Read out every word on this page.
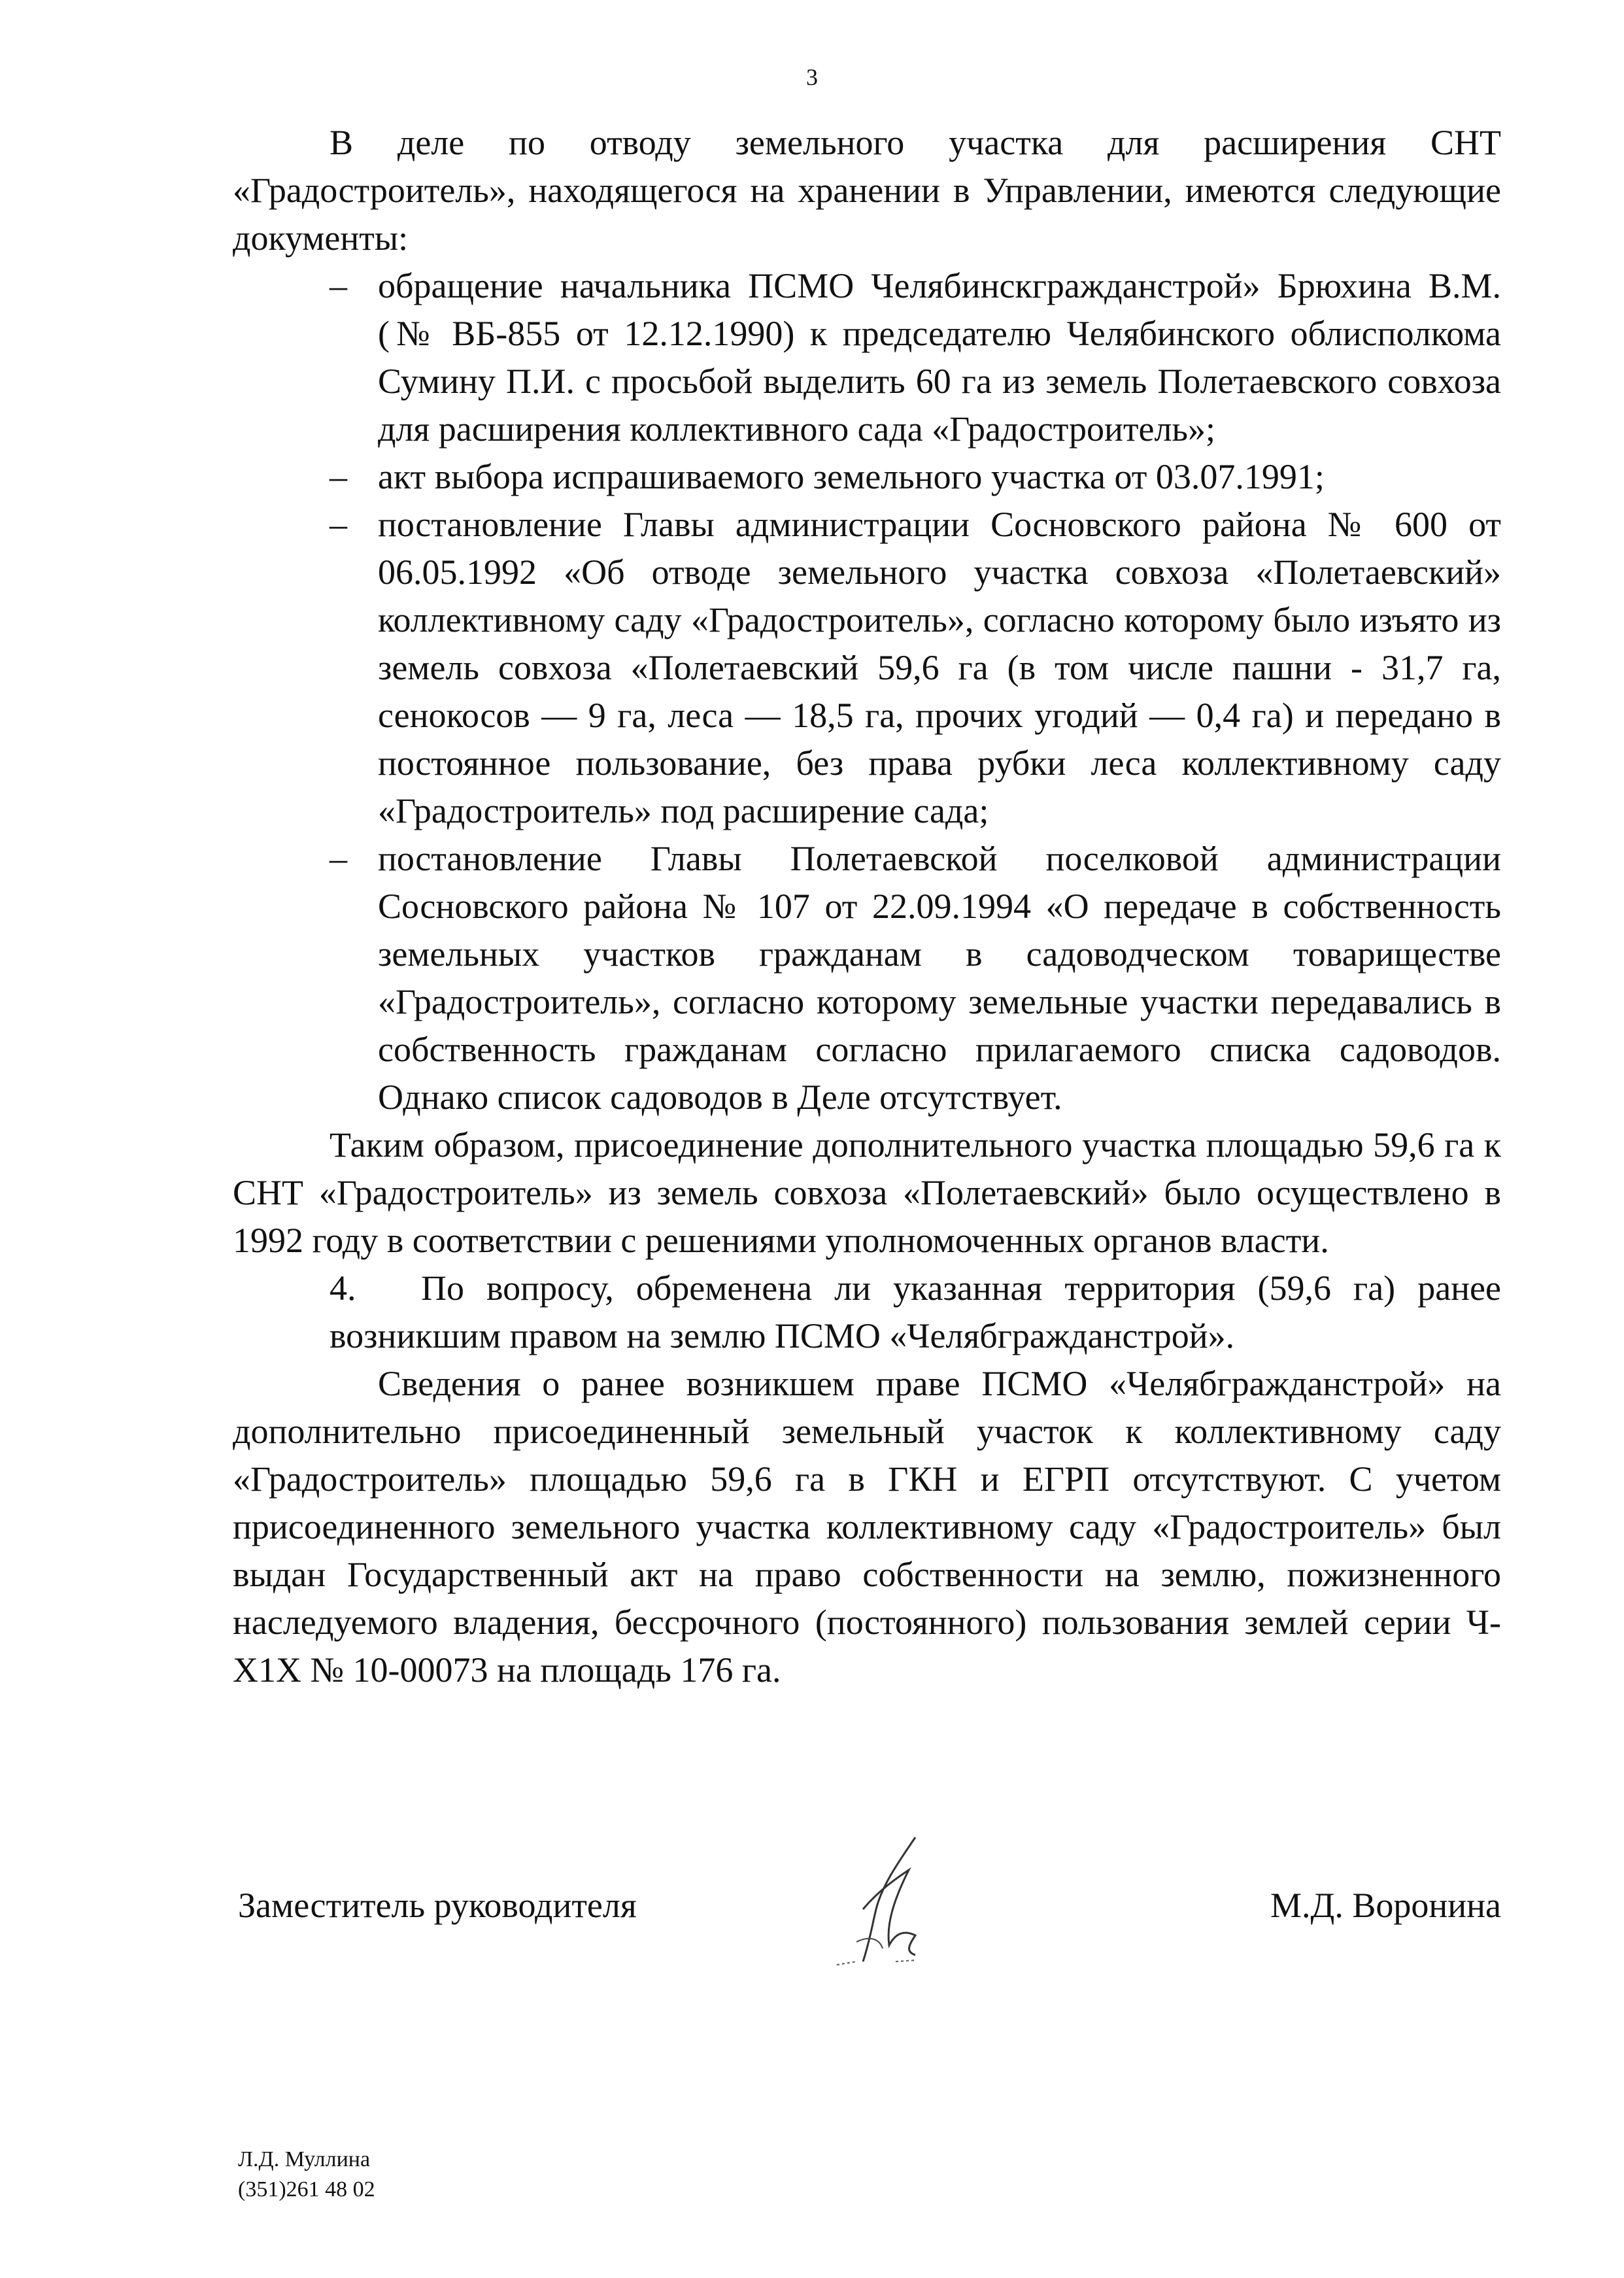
3

В деле по отводу земельного участка для расширения СНТ «Градостроитель», находящегося на хранении в Управлении, имеются следующие документы:

– обращение начальника ПСМО Челябинскгражданстрой» Брюхина В.М. (№ ВБ-855 от 12.12.1990) к председателю Челябинского облисполкома Сумину П.И. с просьбой выделить 60 га из земель Полетаевского совхоза для расширения коллективного сада «Градостроитель»;
– акт выбора испрашиваемого земельного участка от 03.07.1991;
– постановление Главы администрации Сосновского района № 600 от 06.05.1992 «Об отводе земельного участка совхоза «Полетаевский» коллективному саду «Градостроитель», согласно которому было изъято из земель совхоза «Полетаевский 59,6 га (в том числе пашни - 31,7 га, сенокосов — 9 га, леса — 18,5 га, прочих угодий — 0,4 га) и передано в постоянное пользование, без права рубки леса коллективному саду «Градостроитель» под расширение сада;
– постановление Главы Полетаевской поселковой администрации Сосновского района № 107 от 22.09.1994 «О передаче в собственность земельных участков гражданам в садоводческом товариществе «Градостроитель», согласно которому земельные участки передавались в собственность гражданам согласно прилагаемого списка садоводов. Однако список садоводов в Деле отсутствует.

Таким образом, присоединение дополнительного участка площадью 59,6 га к СНТ «Градостроитель» из земель совхоза «Полетаевский» было осуществлено в 1992 году в соответствии с решениями уполномоченных органов власти.

4. По вопросу, обременена ли указанная территория (59,6 га) ранее возникшим правом на землю ПСМО «Челябгражданстрой».

Сведения о ранее возникшем праве ПСМО «Челябгражданстрой» на дополнительно присоединенный земельный участок к коллективному саду «Градостроитель» площадью 59,6 га в ГКН и ЕГРП отсутствуют. С учетом присоединенного земельного участка коллективному саду «Градостроитель» был выдан Государственный акт на право собственности на землю, пожизненного наследуемого владения, бессрочного (постоянного) пользования землей серии Ч-Х1Х № 10-00073 на площадь 176 га.

Заместитель руководителя	М.Д. Воронина
Л.Д. Муллина
(351)261 48 02
